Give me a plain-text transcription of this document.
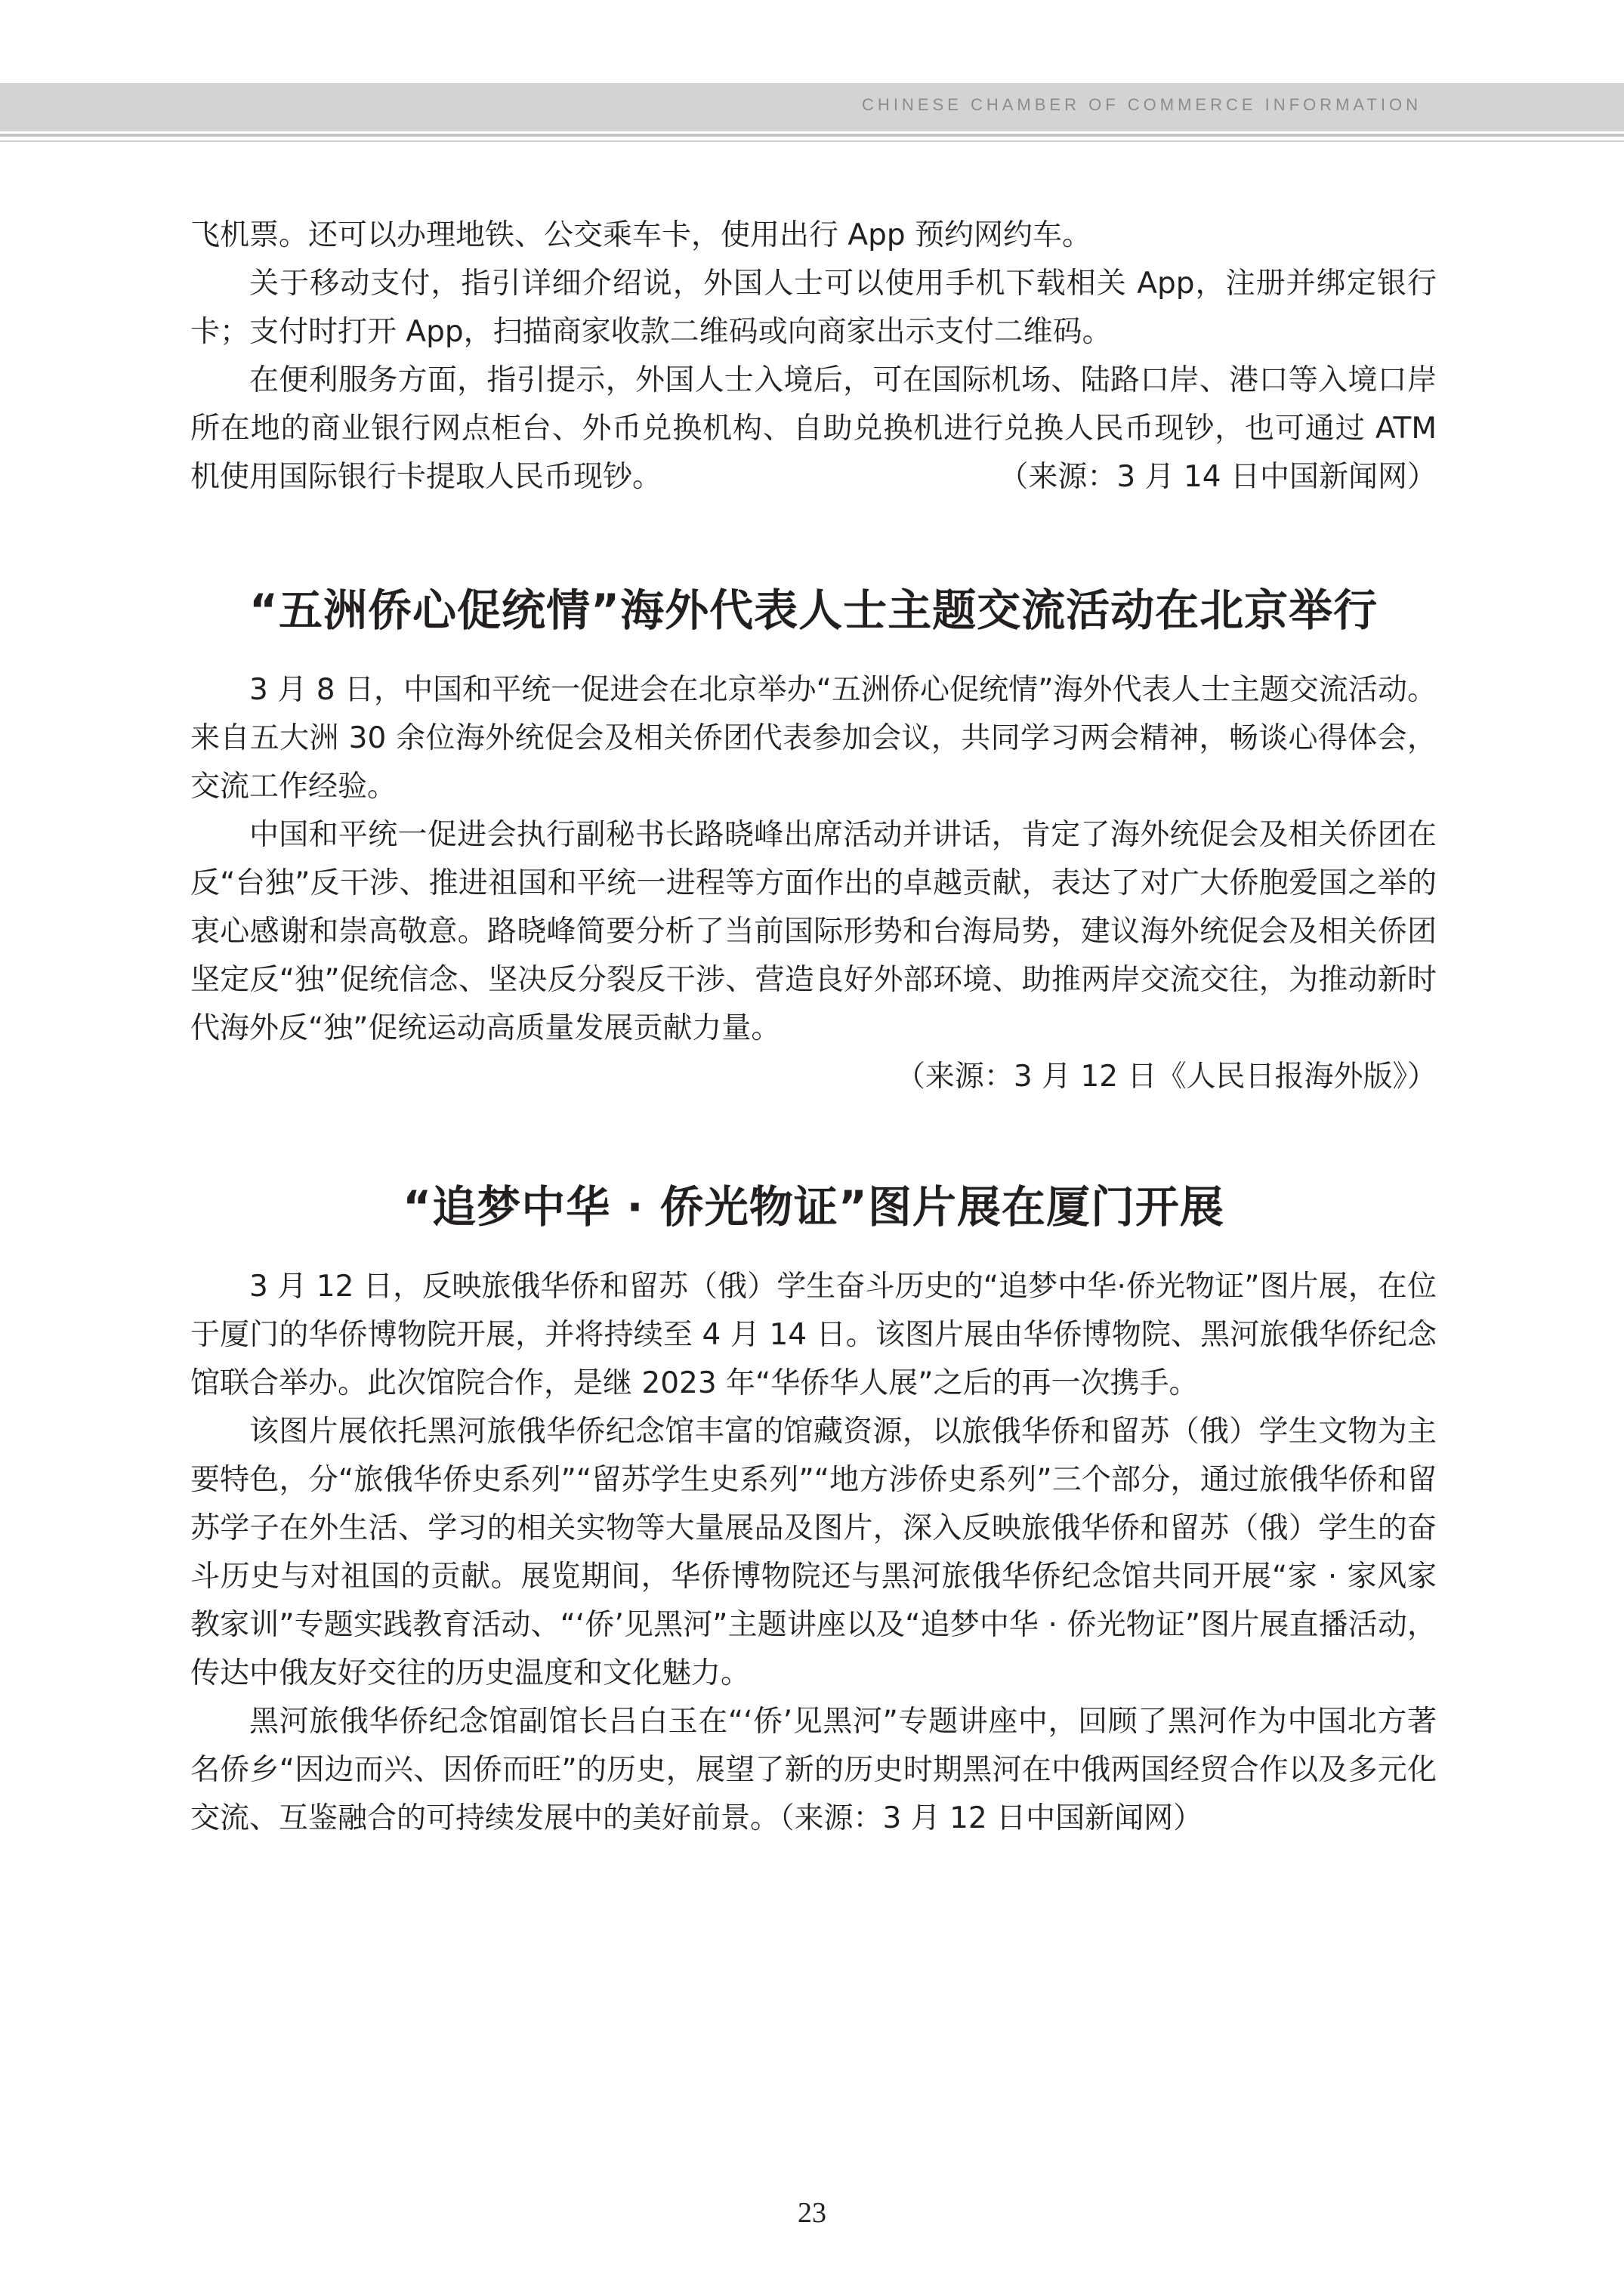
CHINESE CHAMBER OF COMMERCE INFORMATION

飞机票。还可以办理地铁、公交乘车卡，使用出行 App 预约网约车。

关于移动支付，指引详细介绍说，外国人士可以使用手机下载相关 App，注册并绑定银行卡；支付时打开 App，扫描商家收款二维码或向商家出示支付二维码。

在便利服务方面，指引提示，外国人士入境后，可在国际机场、陆路口岸、港口等入境口岸所在地的商业银行网点柜台、外币兑换机构、自助兑换机进行兑换人民币现钞，也可通过 ATM 机使用国际银行卡提取人民币现钞。	（来源：3 月 14 日中国新闻网）

“五洲侨心促统情”海外代表人士主题交流活动在北京举行

3 月 8 日，中国和平统一促进会在北京举办“五洲侨心促统情”海外代表人士主题交流活动。来自五大洲 30 余位海外统促会及相关侨团代表参加会议，共同学习两会精神，畅谈心得体会，交流工作经验。

中国和平统一促进会执行副秘书长路晓峰出席活动并讲话，肯定了海外统促会及相关侨团在反“台独”反干涉、推进祖国和平统一进程等方面作出的卓越贡献，表达了对广大侨胞爱国之举的衷心感谢和崇高敬意。路晓峰简要分析了当前国际形势和台海局势，建议海外统促会及相关侨团坚定反“独”促统信念、坚决反分裂反干涉、营造良好外部环境、助推两岸交流交往，为推动新时代海外反“独”促统运动高质量发展贡献力量。

（来源：3 月 12 日《人民日报海外版》）
“追梦中华 · 侨光物证”图片展在厦门开展

3 月 12 日，反映旅俄华侨和留苏（俄）学生奋斗历史的“追梦中华·侨光物证”图片展，在位于厦门的华侨博物院开展，并将持续至 4 月 14 日。该图片展由华侨博物院、黑河旅俄华侨纪念馆联合举办。此次馆院合作，是继 2023 年“华侨华人展”之后的再一次携手。

该图片展依托黑河旅俄华侨纪念馆丰富的馆藏资源，以旅俄华侨和留苏（俄）学生文物为主要特色，分“旅俄华侨史系列”“留苏学生史系列”“地方涉侨史系列”三个部分，通过旅俄华侨和留苏学子在外生活、学习的相关实物等大量展品及图片，深入反映旅俄华侨和留苏（俄）学生的奋斗历史与对祖国的贡献。展览期间，华侨博物院还与黑河旅俄华侨纪念馆共同开展“家 · 家风家教家训”专题实践教育活动、“‘侨’见黑河”主题讲座以及“追梦中华 · 侨光物证”图片展直播活动，传达中俄友好交往的历史温度和文化魅力。

黑河旅俄华侨纪念馆副馆长吕白玉在“‘侨’见黑河”专题讲座中，回顾了黑河作为中国北方著名侨乡“因边而兴、因侨而旺”的历史，展望了新的历史时期黑河在中俄两国经贸合作以及多元化交流、互鉴融合的可持续发展中的美好前景。（来源：3 月 12 日中国新闻网）

23
